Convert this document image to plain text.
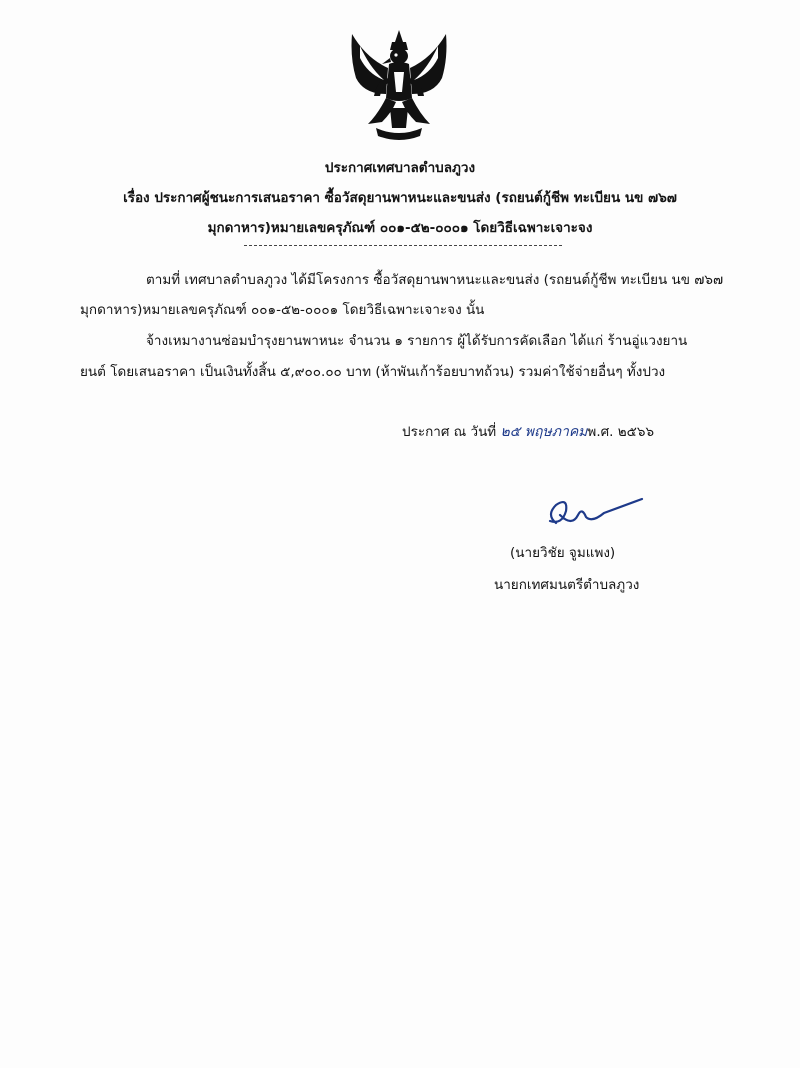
ประกาศเทศบาลตำบลภูวง
เรื่อง ประกาศผู้ชนะการเสนอราคา ซื้อวัสดุยานพาหนะและขนส่ง (รถยนต์กู้ชีพ ทะเบียน นข ๗๖๗
มุกดาหาร)หมายเลขครุภัณฑ์ ๐๐๑-๕๒-๐๐๐๑ โดยวิธีเฉพาะเจาะจง
ตามที่ เทศบาลตำบลภูวง ได้มีโครงการ ซื้อวัสดุยานพาหนะและขนส่ง (รถยนต์กู้ชีพ ทะเบียน นข ๗๖๗
มุกดาหาร)หมายเลขครุภัณฑ์ ๐๐๑-๕๒-๐๐๐๑ โดยวิธีเฉพาะเจาะจง นั้น
จ้างเหมางานซ่อมบำรุงยานพาหนะ จำนวน ๑ รายการ ผู้ได้รับการคัดเลือก ได้แก่ ร้านอู่แวงยาน
ยนต์ โดยเสนอราคา เป็นเงินทั้งสิ้น ๕,๙๐๐.๐๐ บาท (ห้าพันเก้าร้อยบาทถ้วน) รวมค่าใช้จ่ายอื่นๆ ทั้งปวง
ประกาศ ณ วันที่ ๒๕ พฤษภาคมพ.ศ. ๒๕๖๖
(นายวิชัย จูมแพง)
นายกเทศมนตรีตำบลภูวง
